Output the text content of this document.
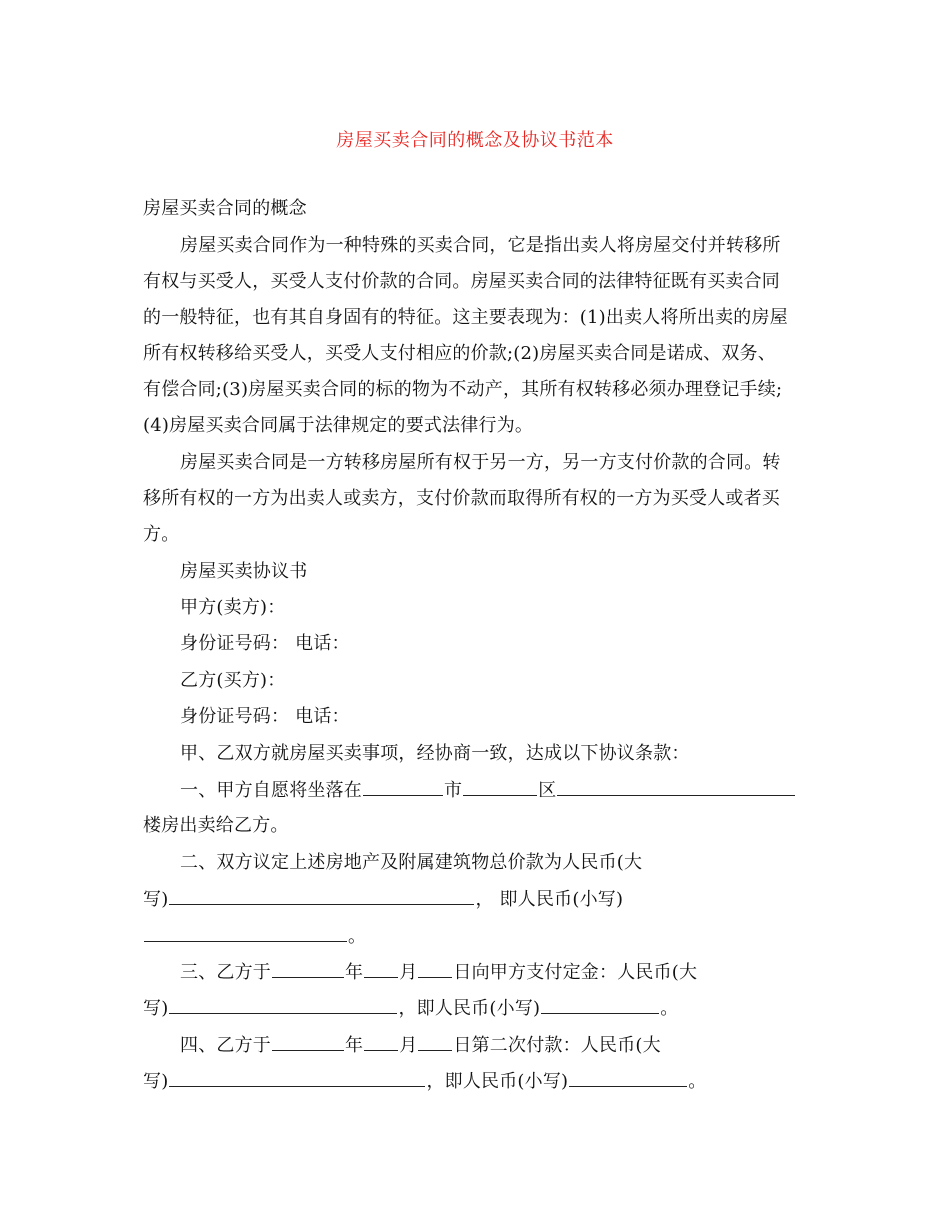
房屋买卖合同的概念及协议书范本
房屋买卖合同的概念
房屋买卖合同作为一种特殊的买卖合同，它是指出卖人将房屋交付并转移所
有权与买受人，买受人支付价款的合同。房屋买卖合同的法律特征既有买卖合同
的一般特征，也有其自身固有的特征。这主要表现为：(1)出卖人将所出卖的房屋
所有权转移给买受人，买受人支付相应的价款;(2)房屋买卖合同是诺成、双务、
有偿合同;(3)房屋买卖合同的标的物为不动产，其所有权转移必须办理登记手续;
(4)房屋买卖合同属于法律规定的要式法律行为。
房屋买卖合同是一方转移房屋所有权于另一方，另一方支付价款的合同。转
移所有权的一方为出卖人或卖方，支付价款而取得所有权的一方为买受人或者买
方。
房屋买卖协议书
甲方(卖方)：
身份证号码： 电话：
乙方(买方)：
身份证号码： 电话：
甲、乙双方就房屋买卖事项，经协商一致，达成以下协议条款：
一、甲方自愿将坐落在	市	区
楼房出卖给乙方。
二、双方议定上述房地产及附属建筑物总价款为人民币(大
写)	， 即人民币(小写)
。
三、乙方于	年 月 日向甲方支付定金：人民币(大
写)	，即人民币(小写)	。
四、乙方于	年 月 日第二次付款：人民币(大
写)	，即人民币(小写)	。
